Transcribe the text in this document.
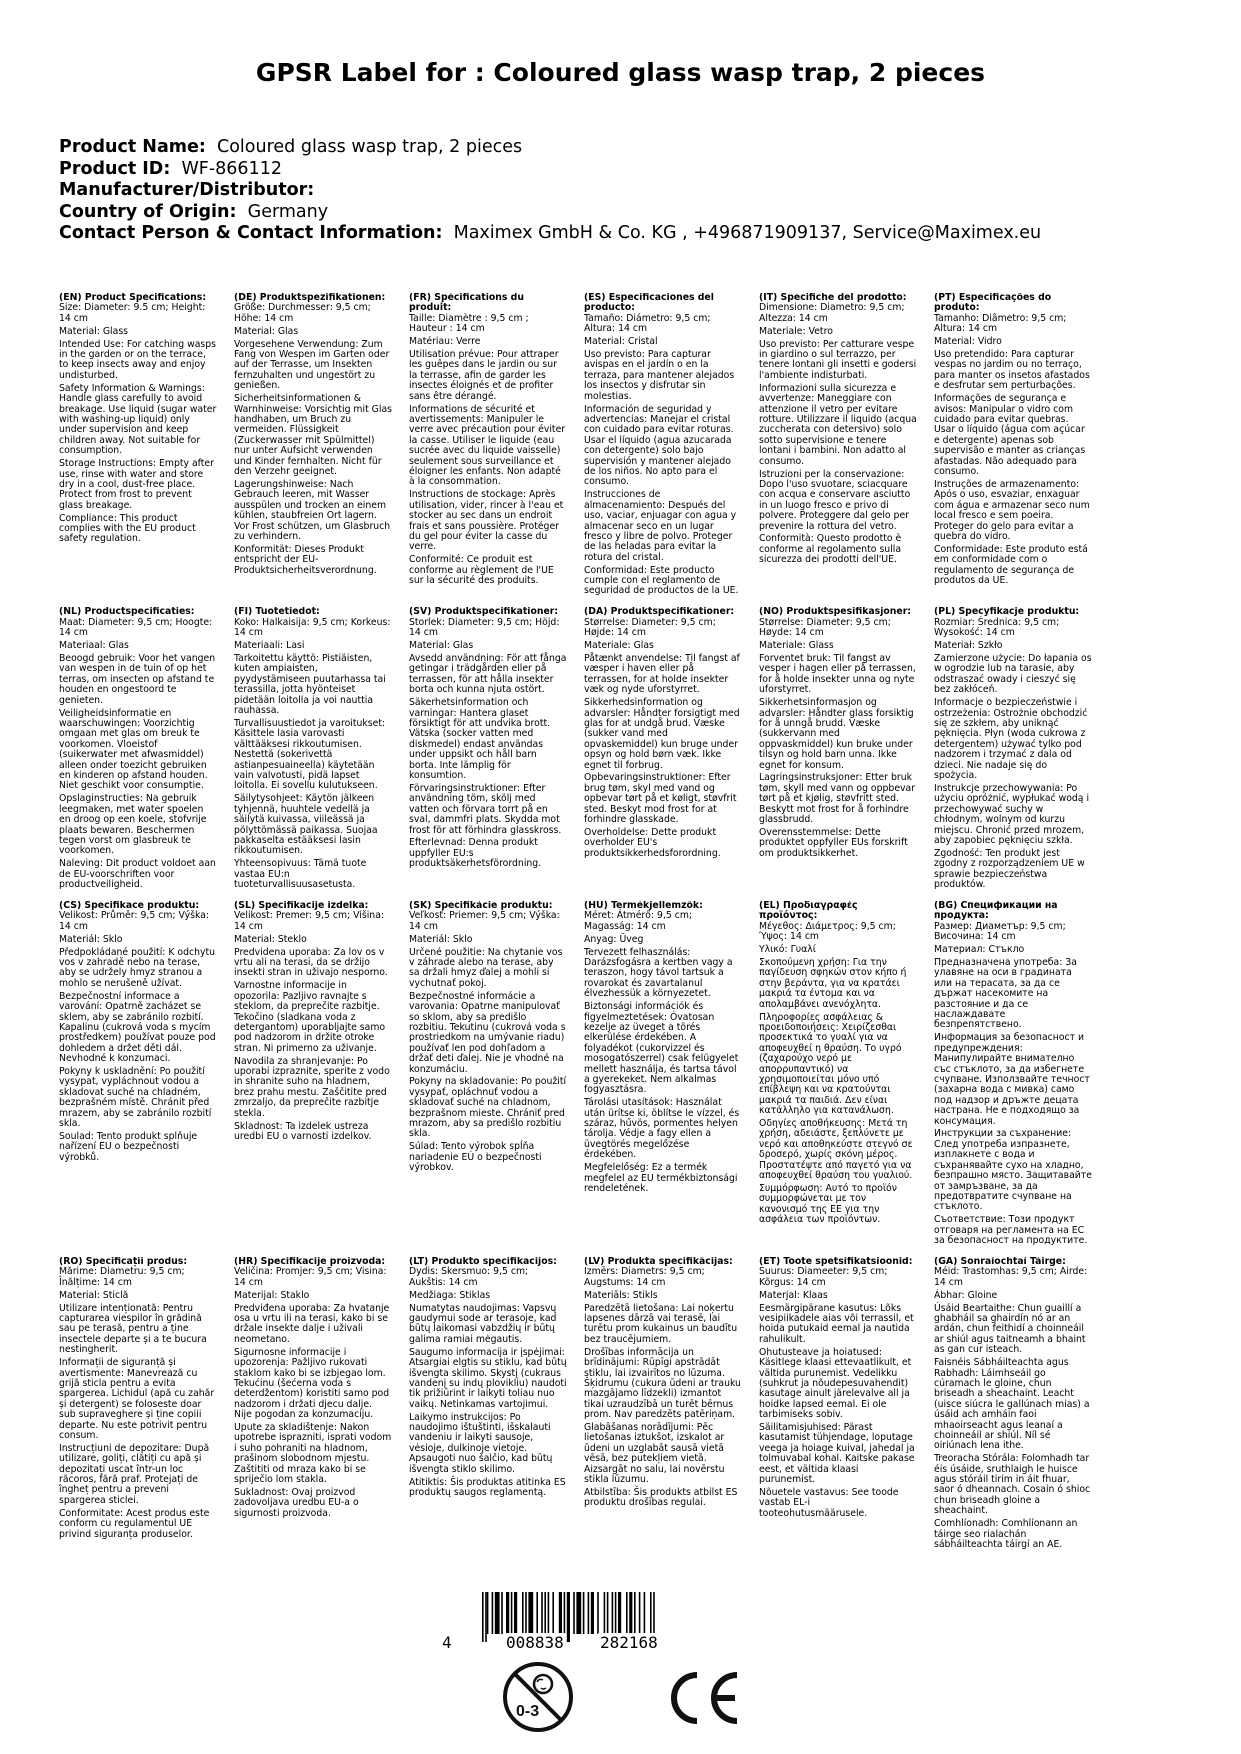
GPSR Label for : Coloured glass wasp trap, 2 pieces
Product Name: Coloured glass wasp trap, 2 pieces
Product ID: WF-866112
Manufacturer/Distributor:
Country of Origin: Germany
Contact Person & Contact Information: Maximex GmbH & Co. KG , +496871909137, Service@Maximex.eu

(EN) Product Specifications:
Size: Diameter: 9.5 cm; Height: 14 cm

Material: Glass

Intended Use: For catching wasps in the garden or on the terrace, to keep insects away and enjoy undisturbed.

Safety Information & Warnings: Handle glass carefully to avoid breakage. Use liquid (sugar water with washing-up liquid) only under supervision and keep children away. Not suitable for consumption.

Storage Instructions: Empty after use, rinse with water and store dry in a cool, dust-free place. Protect from frost to prevent glass breakage.

Compliance: This product complies with the EU product safety regulation.

(DE) Produktspezifikationen:
Größe: Durchmesser: 9,5 cm; Höhe: 14 cm

Material: Glas

Vorgesehene Verwendung: Zum Fang von Wespen im Garten oder auf der Terrasse, um Insekten fernzuhalten und ungestört zu genießen.

Sicherheitsinformationen & Warnhinweise: Vorsichtig mit Glas handhaben, um Bruch zu vermeiden. Flüssigkeit (Zuckerwasser mit Spülmittel) nur unter Aufsicht verwenden und Kinder fernhalten. Nicht für den Verzehr geeignet.

Lagerungshinweise: Nach Gebrauch leeren, mit Wasser ausspülen und trocken an einem kühlen, staubfreien Ort lagern. Vor Frost schützen, um Glasbruch zu verhindern.

Konformität: Dieses Produkt entspricht der EU-Produktsicherheitsverordnung.

(FR) Spécifications du produit:
Taille: Diamètre : 9,5 cm ; Hauteur : 14 cm

Matériau: Verre

Utilisation prévue: Pour attraper les guêpes dans le jardin ou sur la terrasse, afin de garder les insectes éloignés et de profiter sans être dérangé.

Informations de sécurité et avertissements: Manipuler le verre avec précaution pour éviter la casse. Utiliser le liquide (eau sucrée avec du liquide vaisselle) seulement sous surveillance et éloigner les enfants. Non adapté à la consommation.

Instructions de stockage: Après utilisation, vider, rincer à l'eau et stocker au sec dans un endroit frais et sans poussière. Protéger du gel pour éviter la casse du verre.

Conformité: Ce produit est conforme au règlement de l'UE sur la sécurité des produits.

(ES) Especificaciones del producto:
Tamaño: Diámetro: 9,5 cm; Altura: 14 cm

Material: Cristal

Uso previsto: Para capturar avispas en el jardín o en la terraza, para mantener alejados los insectos y disfrutar sin molestias.

Información de seguridad y advertencias: Manejar el cristal con cuidado para evitar roturas. Usar el líquido (agua azucarada con detergente) solo bajo supervisión y mantener alejado de los niños. No apto para el consumo.

Instrucciones de almacenamiento: Después del uso, vaciar, enjuagar con agua y almacenar seco en un lugar fresco y libre de polvo. Proteger de las heladas para evitar la rotura del cristal.

Conformidad: Este producto cumple con el reglamento de seguridad de productos de la UE.

(IT) Specifiche del prodotto:
Dimensione: Diametro: 9,5 cm; Altezza: 14 cm

Materiale: Vetro

Uso previsto: Per catturare vespe in giardino o sul terrazzo, per tenere lontani gli insetti e godersi l'ambiente indisturbati.

Informazioni sulla sicurezza e avvertenze: Maneggiare con attenzione il vetro per evitare rotture. Utilizzare il liquido (acqua zuccherata con detersivo) solo sotto supervisione e tenere lontani i bambini. Non adatto al consumo.

Istruzioni per la conservazione: Dopo l'uso svuotare, sciacquare con acqua e conservare asciutto in un luogo fresco e privo di polvere. Proteggere dal gelo per prevenire la rottura del vetro.

Conformità: Questo prodotto è conforme al regolamento sulla sicurezza dei prodotti dell'UE.

(PT) Especificações do produto:
Tamanho: Diâmetro: 9,5 cm; Altura: 14 cm

Material: Vidro

Uso pretendido: Para capturar vespas no jardim ou no terraço, para manter os insetos afastados e desfrutar sem perturbações.

Informações de segurança e avisos: Manipular o vidro com cuidado para evitar quebras. Usar o líquido (água com açúcar e detergente) apenas sob supervisão e manter as crianças afastadas. Não adequado para consumo.

Instruções de armazenamento: Após o uso, esvaziar, enxaguar com água e armazenar seco num local fresco e sem poeira. Proteger do gelo para evitar a quebra do vidro.

Conformidade: Este produto está em conformidade com o regulamento de segurança de produtos da UE.

(NL) Productspecificaties:
Maat: Diameter: 9,5 cm; Hoogte: 14 cm

Materiaal: Glas

Beoogd gebruik: Voor het vangen van wespen in de tuin of op het terras, om insecten op afstand te houden en ongestoord te genieten.

Veiligheidsinformatie en waarschuwingen: Voorzichtig omgaan met glas om breuk te voorkomen. Vloeistof (suikerwater met afwasmiddel) alleen onder toezicht gebruiken en kinderen op afstand houden. Niet geschikt voor consumptie.

Opslaginstructies: Na gebruik leegmaken, met water spoelen en droog op een koele, stofvrije plaats bewaren. Beschermen tegen vorst om glasbreuk te voorkomen.

Naleving: Dit product voldoet aan de EU-voorschriften voor productveiligheid.

(FI) Tuotetiedot:
Koko: Halkaisija: 9,5 cm; Korkeus: 14 cm

Materiaali: Lasi

Tarkoitettu käyttö: Pistiäisten, kuten ampiaisten, pyydystämiseen puutarhassa tai terassilla, jotta hyönteiset pidetään loitolla ja voi nauttia rauhassa.

Turvallisuustiedot ja varoitukset: Käsittele lasia varovasti välttääksesi rikkoutumisen. Nestettä (sokerivettä astianpesuaineella) käytetään vain valvotusti, pidä lapset loitolla. Ei sovellu kulutukseen.

Säilytysohjeet: Käytön jälkeen tyhjennä, huuhtele vedellä ja säilytä kuivassa, viileässä ja pölyttömässä paikassa. Suojaa pakkaselta estääksesi lasin rikkoutumisen.

Yhteensopivuus: Tämä tuote vastaa EU:n tuoteturvallisuusasetusta.

(SV) Produktspecifikationer:
Storlek: Diameter: 9,5 cm; Höjd: 14 cm

Material: Glas

Avsedd användning: För att fånga getingar i trädgården eller på terrassen, för att hålla insekter borta och kunna njuta ostört.

Säkerhetsinformation och varningar: Hantera glaset försiktigt för att undvika brott. Vätska (socker vatten med diskmedel) endast användas under uppsikt och håll barn borta. Inte lämplig för konsumtion.

Förvaringsinstruktioner: Efter användning töm, skölj med vatten och förvara torrt på en sval, dammfri plats. Skydda mot frost för att förhindra glasskross.

Efterlevnad: Denna produkt uppfyller EU:s produktsäkerhetsförordning.

(DA) Produktspecifikationer:
Størrelse: Diameter: 9,5 cm; Højde: 14 cm

Materiale: Glas

Påtænkt anvendelse: Til fangst af væsper i haven eller på terrassen, for at holde insekter væk og nyde uforstyrret.

Sikkerhedsinformation og advarsler: Håndter forsigtigt med glas for at undgå brud. Væske (sukker vand med opvaskemiddel) kun bruge under opsyn og hold børn væk. Ikke egnet til forbrug.

Opbevaringsinstruktioner: Efter brug tøm, skyl med vand og opbevar tørt på et køligt, støvfrit sted. Beskyt mod frost for at forhindre glasskade.

Overholdelse: Dette produkt overholder EU's produktsikkerhedsforordning.

(NO) Produktspesifikasjoner:
Størrelse: Diameter: 9,5 cm; Høyde: 14 cm

Materiale: Glass

Forventet bruk: Til fangst av vesper i hagen eller på terrassen, for å holde insekter unna og nyte uforstyrret.

Sikkerhetsinformasjon og advarsler: Håndter glass forsiktig for å unngå brudd. Væske (sukkervann med oppvaskmiddel) kun bruke under tilsyn og hold barn unna. Ikke egnet for konsum.

Lagringsinstruksjoner: Etter bruk tøm, skyll med vann og oppbevar tørt på et kjølig, støvfritt sted. Beskytt mot frost for å forhindre glassbrudd.

Overensstemmelse: Dette produktet oppfyller EUs forskrift om produktsikkerhet.

(PL) Specyfikacje produktu:
Rozmiar: Średnica: 9,5 cm; Wysokość: 14 cm

Materiał: Szkło

Zamierzone użycie: Do łapania os w ogrodzie lub na tarasie, aby odstraszać owady i cieszyć się bez zakłóceń.

Informacje o bezpieczeństwie i ostrzeżenia: Ostrożnie obchodzić się ze szkłem, aby uniknąć pęknięcia. Płyn (woda cukrowa z detergentem) używać tylko pod nadzorem i trzymać z dala od dzieci. Nie nadaje się do spożycia.

Instrukcje przechowywania: Po użyciu opróżnić, wypłukać wodą i przechowywać suchy w chłodnym, wolnym od kurzu miejscu. Chronić przed mrozem, aby zapobiec pęknięciu szkła.

Zgodność: Ten produkt jest zgodny z rozporządzeniem UE w sprawie bezpieczeństwa produktów.

(CS) Specifikace produktu:
Velikost: Průměr: 9,5 cm; Výška: 14 cm

Materiál: Sklo

Předpokládané použití: K odchytu vos v zahradě nebo na terase, aby se udržely hmyz stranou a mohlo se nerušeně užívat.

Bezpečnostní informace a varování: Opatrně zacházet se sklem, aby se zabránilo rozbití. Kapalinu (cukrová voda s mycím prostředkem) používat pouze pod dohledem a držet děti dál. Nevhodné k konzumaci.

Pokyny k uskladnění: Po použití vysypat, vypláchnout vodou a skladovat suché na chladném, bezprašném místě. Chránit před mrazem, aby se zabránilo rozbití skla.

Soulad: Tento produkt splňuje nařízení EU o bezpečnosti výrobků.

(SL) Specifikacije izdelka:
Velikost: Premer: 9,5 cm; Višina: 14 cm

Material: Steklo

Predvidena uporaba: Za lov os v vrtu ali na terasi, da se držijo insekti stran in uživajo nesporno.

Varnostne informacije in opozorila: Pazljivo ravnajte s steklom, da preprečite razbitje. Tekočino (sladkana voda z detergantom) uporabljajte samo pod nadzorom in držite otroke stran. Ni primerno za uživanje.

Navodila za shranjevanje: Po uporabi izpraznite, sperite z vodo in shranite suho na hladnem, brez prahu mestu. Zaščitite pred zmrzaljo, da preprečite razbitje stekla.

Skladnost: Ta izdelek ustreza uredbi EU o varnosti izdelkov.

(SK) Špecifikácie produktu:
Veľkosť: Priemer: 9,5 cm; Výška: 14 cm

Materiál: Sklo

Určené použitie: Na chytanie vos v záhrade alebo na terase, aby sa držali hmyz ďalej a mohli si vychutnať pokoj.

Bezpečnostné informácie a varovania: Opatrne manipulovať so sklom, aby sa predišlo rozbitiu. Tekutinu (cukrová voda s prostriedkom na umývanie riadu) používať len pod dohľadom a držať deti ďalej. Nie je vhodné na konzumáciu.

Pokyny na skladovanie: Po použití vysypať, opláchnuť vodou a skladovať suché na chladnom, bezprašnom mieste. Chrániť pred mrazom, aby sa predišlo rozbitiu skla.

Súlad: Tento výrobok spĺňa nariadenie EÚ o bezpečnosti výrobkov.

(HU) Termékjellemzők:
Méret: Átmérő: 9,5 cm; Magasság: 14 cm

Anyag: Üveg

Tervezett felhasználás: Darázsfogásra a kertben vagy a teraszon, hogy távol tartsuk a rovarokat és zavartalanul élvezhessük a környezetet.

Biztonsági információk és figyelmeztetések: Óvatosan kezelje az üveget a törés elkerülése érdekében. A folyadékot (cukorvizzel és mosogatószerrel) csak felügyelet mellett használja, és tartsa távol a gyerekeket. Nem alkalmas fogyasztásra.

Tárolási utasítások: Használat után ürítse ki, öblítse le vízzel, és száraz, hűvös, pormentes helyen tárolja. Védje a fagy ellen a üvegtörés megelőzése érdekében.

Megfelelőség: Ez a termék megfelel az EU termékbiztonsági rendeletének.

(EL) Προδιαγραφές προϊόντος:
Μέγεθος: Διάμετρος: 9,5 cm; Ύψος: 14 cm

Υλικό: Γυαλί

Σκοπούμενη χρήση: Για την παγίδευση σφηκών στον κήπο ή στην βεράντα, για να κρατάει μακριά τα έντομα και να απολαμβάνει ανενόχλητα.

Πληροφορίες ασφάλειας & προειδοποιήσεις: Χειρίζεσθαι προσεκτικά το γυαλί για να αποφευχθεί η θραύση. Το υγρό (ζαχαρούχο νερό με απορρυπαντικό) να χρησιμοποιείται μόνο υπό επίβλεψη και να κρατούνται μακριά τα παιδιά. Δεν είναι κατάλληλο για κατανάλωση.

Οδηγίες αποθήκευσης: Μετά τη χρήση, αδειάστε, ξεπλύνετε με νερό και αποθηκεύστε στεγνό σε δροσερό, χωρίς σκόνη μέρος. Προστατέψτε από παγετό για να αποφευχθεί θραύση του γυαλιού.

Συμμόρφωση: Αυτό το προϊόν συμμορφώνεται με τον κανονισμό της ΕΕ για την ασφάλεια των προϊόντων.

(BG) Спецификации на продукта:
Размер: Диаметър: 9,5 cm; Височина: 14 cm

Материал: Стъкло

Предназначена употреба: За улавяне на оси в градината или на терасата, за да се държат насекомите на разстояние и да се наслаждавате безпрепятствено.

Информация за безопасност и предупреждения: Манипулирайте внимателно със стъклото, за да избегнете счупване. Използвайте течност (захарна вода с мивка) само под надзор и дръжте децата настрана. Не е подходящо за консумация.

Инструкции за съхранение: След употреба изпразнете, изплакнете с вода и съхранявайте сухо на хладно, безпрашно място. Защитавайте от замръзване, за да предотвратите счупване на стъклото.

Съответствие: Този продукт отговаря на регламента на ЕС за безопасност на продуктите.

(RO) Specificații produs:
Mărime: Diametru: 9,5 cm; Înălțime: 14 cm

Material: Sticlă

Utilizare intenționată: Pentru capturarea viespilor în grădină sau pe terasă, pentru a ține insectele departe și a te bucura nestingherit.

Informații de siguranță și avertismente: Manevrează cu grijă sticla pentru a evita spargerea. Lichidul (apă cu zahăr și detergent) se foloseste doar sub supraveghere și ține copiii departe. Nu este potrivit pentru consum.

Instrucțiuni de depozitare: După utilizare, goliți, clătiți cu apă și depozitați uscat într-un loc răcoros, fără praf. Protejați de îngheț pentru a preveni spargerea sticlei.

Conformitate: Acest produs este conform cu regulamentul UE privind siguranța produselor.

(HR) Specifikacije proizvoda:
Veličina: Promjer: 9,5 cm; Visina: 14 cm

Materijal: Staklo

Predviđena uporaba: Za hvatanje osa u vrtu ili na terasi, kako bi se držale insekte dalje i uživali neometano.

Sigurnosne informacije i upozorenja: Pažljivo rukovati staklom kako bi se izbjegao lom. Tekućinu (šećerna voda s deterdžentom) koristiti samo pod nadzorom i držati djecu dalje. Nije pogodan za konzumaciju.

Upute za skladištenje: Nakon upotrebe isprazniti, isprati vodom i suho pohraniti na hladnom, prašinom slobodnom mjestu. Zaštititi od mraza kako bi se spriječio lom stakla.

Sukladnost: Ovaj proizvod zadovoljava uredbu EU-a o sigurnosti proizvoda.

(LT) Produkto specifikacijos:
Dydis: Skersmuo: 9,5 cm; Aukštis: 14 cm

Medžiaga: Stiklas

Numatytas naudojimas: Vapsvų gaudymui sode ar terasoje, kad būtų laikomasi vabzdžių ir būtų galima ramiai mėgautis.

Saugumo informacija ir įspėjimai: Atsargiai elgtis su stiklu, kad būtų išvengta skilimo. Skystį (cukraus vandenį su indų plovikliu) naudoti tik prižiūrint ir laikyti toliau nuo vaikų. Netinkamas vartojimui.

Laikymo instrukcijos: Po naudojimo ištuštinti, išskalauti vandeniu ir laikyti sausoje, vėsioje, dulkinoje vietoje. Apsaugoti nuo šalčio, kad būtų išvengta stiklo skilimo.

Atitiktis: Šis produktas atitinka ES produktų saugos reglamentą.

(LV) Produkta specifikācijas:
Izmērs: Diametrs: 9,5 cm; Augstums: 14 cm

Materiāls: Stikls

Paredzētā lietošana: Lai noķertu lapsenes dārzā vai terasē, lai turētu prom kukainus un baudītu bez traucējumiem.

Drošības informācija un brīdinājumi: Rūpīgi apstrādāt stiklu, lai izvairītos no lūzuma. Šķidrumu (cukura ūdeni ar trauku mazgājamo līdzekli) izmantot tikai uzraudzībā un turēt bērnus prom. Nav paredzēts patēriņam.

Glabāšanas norādījumi: Pēc lietošanas iztukšot, izskalot ar ūdeni un uzglabāt sausā vietā vēsā, bez putekļiem vietā. Aizsargāt no salu, lai novērstu stikla lūzumu.

Atbilstība: Šis produkts atbilst ES produktu drošības regulai.

(ET) Toote spetsifikatsioonid:
Suurus: Diameeter: 9,5 cm; Kõrgus: 14 cm

Materjal: Klaas

Eesmärgipärane kasutus: Lõks vesipiikadele aias või terrassil, et hoida putukaid eemal ja nautida rahulikult.

Ohutusteave ja hoiatused: Käsitlege klaasi ettevaatlikult, et vältida purunemist. Vedelikku (suhkrut ja nõudepesuvahendit) kasutage ainult järelevalve all ja hoidke lapsed eemal. Ei ole tarbimiseks sobiv.

Säilitamisjuhised: Pärast kasutamist tühjendage, loputage veega ja hoiage kuival, jahedal ja tolmuvabal kohal. Kaitske pakase eest, et vältida klaasi purunemist.

Nõuetele vastavus: See toode vastab EL-i tooteohutusmäärusele.

(GA) Sonraíochtaí Táirge:
Méid: Trastomhas: 9,5 cm; Airde: 14 cm

Ábhar: Gloine

Úsáid Beartaithe: Chun guaillí a ghabháil sa ghairdín nó ar an ardán, chun feithidí a choinneáil ar shiúl agus taitneamh a bhaint as gan cur isteach.

Faisnéis Sábháilteachta agus Rabhadh: Láimhseáil go cúramach le gloine, chun briseadh a sheachaint. Leacht (uisce siúcra le gallúnach mias) a úsáid ach amháin faoi mhaoirseacht agus leanaí a choinneáil ar shiúl. Níl sé oiriúnach lena ithe.

Treoracha Stórála: Folomhadh tar éis úsáide, sruthlaigh le huisce agus stóráil tirim in áit fhuar, saor ó dheannach. Cosain ó shioc chun briseadh gloine a sheachaint.

Comhlíonadh: Comhlíonann an táirge seo rialachán sábháilteachta táirgí an AE.

4	008838 282168
0-3
